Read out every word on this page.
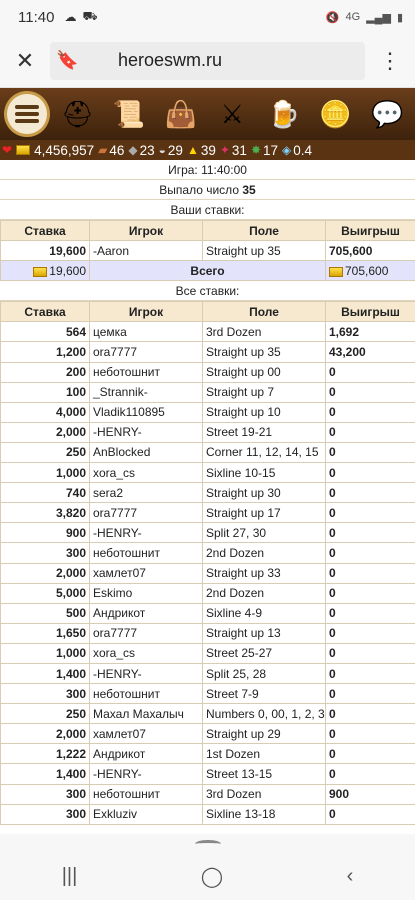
11:40 ☁ ⛟	🔇 4G ▂▄▆ ▮
✕	🔖 heroeswm.ru	⋮
⛑ 📜 👜 ⚔ 🍺 🪙 💬
❤ 4,456,957 ▰ 46 ◆ 23 ◒ 29 ▲ 39 ✦ 31 ✸ 17 ◈ 0.4
Игра: 11:40:00
Выпало число 35
Ваши ставки:
Ставка	Игрок	Поле	Выигрыш
19,600	-Aaron	Straight up 35	705,600
19,600	Всего		705,600
Все ставки:
Ставка	Игрок	Поле	Выигрыш
564	цемка	3rd Dozen	1,692
1,200	ora7777	Straight up 35	43,200
200	неботошнит	Straight up 00	0
100	_Strannik-	Straight up 7	0
4,000	Vladik110895	Straight up 10	0
2,000	-HENRY-	Street 19-21	0
250	AnBlocked	Corner 11, 12, 14, 15	0
1,000	xora_cs	Sixline 10-15	0
740	sera2	Straight up 30	0
3,820	ora7777	Straight up 17	0
900	-HENRY-	Split 27, 30	0
300	неботошнит	2nd Dozen	0
2,000	хамлет07	Straight up 33	0
5,000	Eskimo	2nd Dozen	0
500	Андрикот	Sixline 4-9	0
1,650	ora7777	Straight up 13	0
1,000	xora_cs	Street 25-27	0
1,400	-HENRY-	Split 25, 28	0
300	неботошнит	Street 7-9	0
250	Махал Махалыч	Numbers 0, 00, 1, 2, 3	0
2,000	хамлет07	Straight up 29	0
1,222	Андрикот	1st Dozen	0
1,400	-HENRY-	Street 13-15	0
300	неботошнит	3rd Dozen	900
300	Exkluziv	Sixline 13-18	0
|||	◯	‹
